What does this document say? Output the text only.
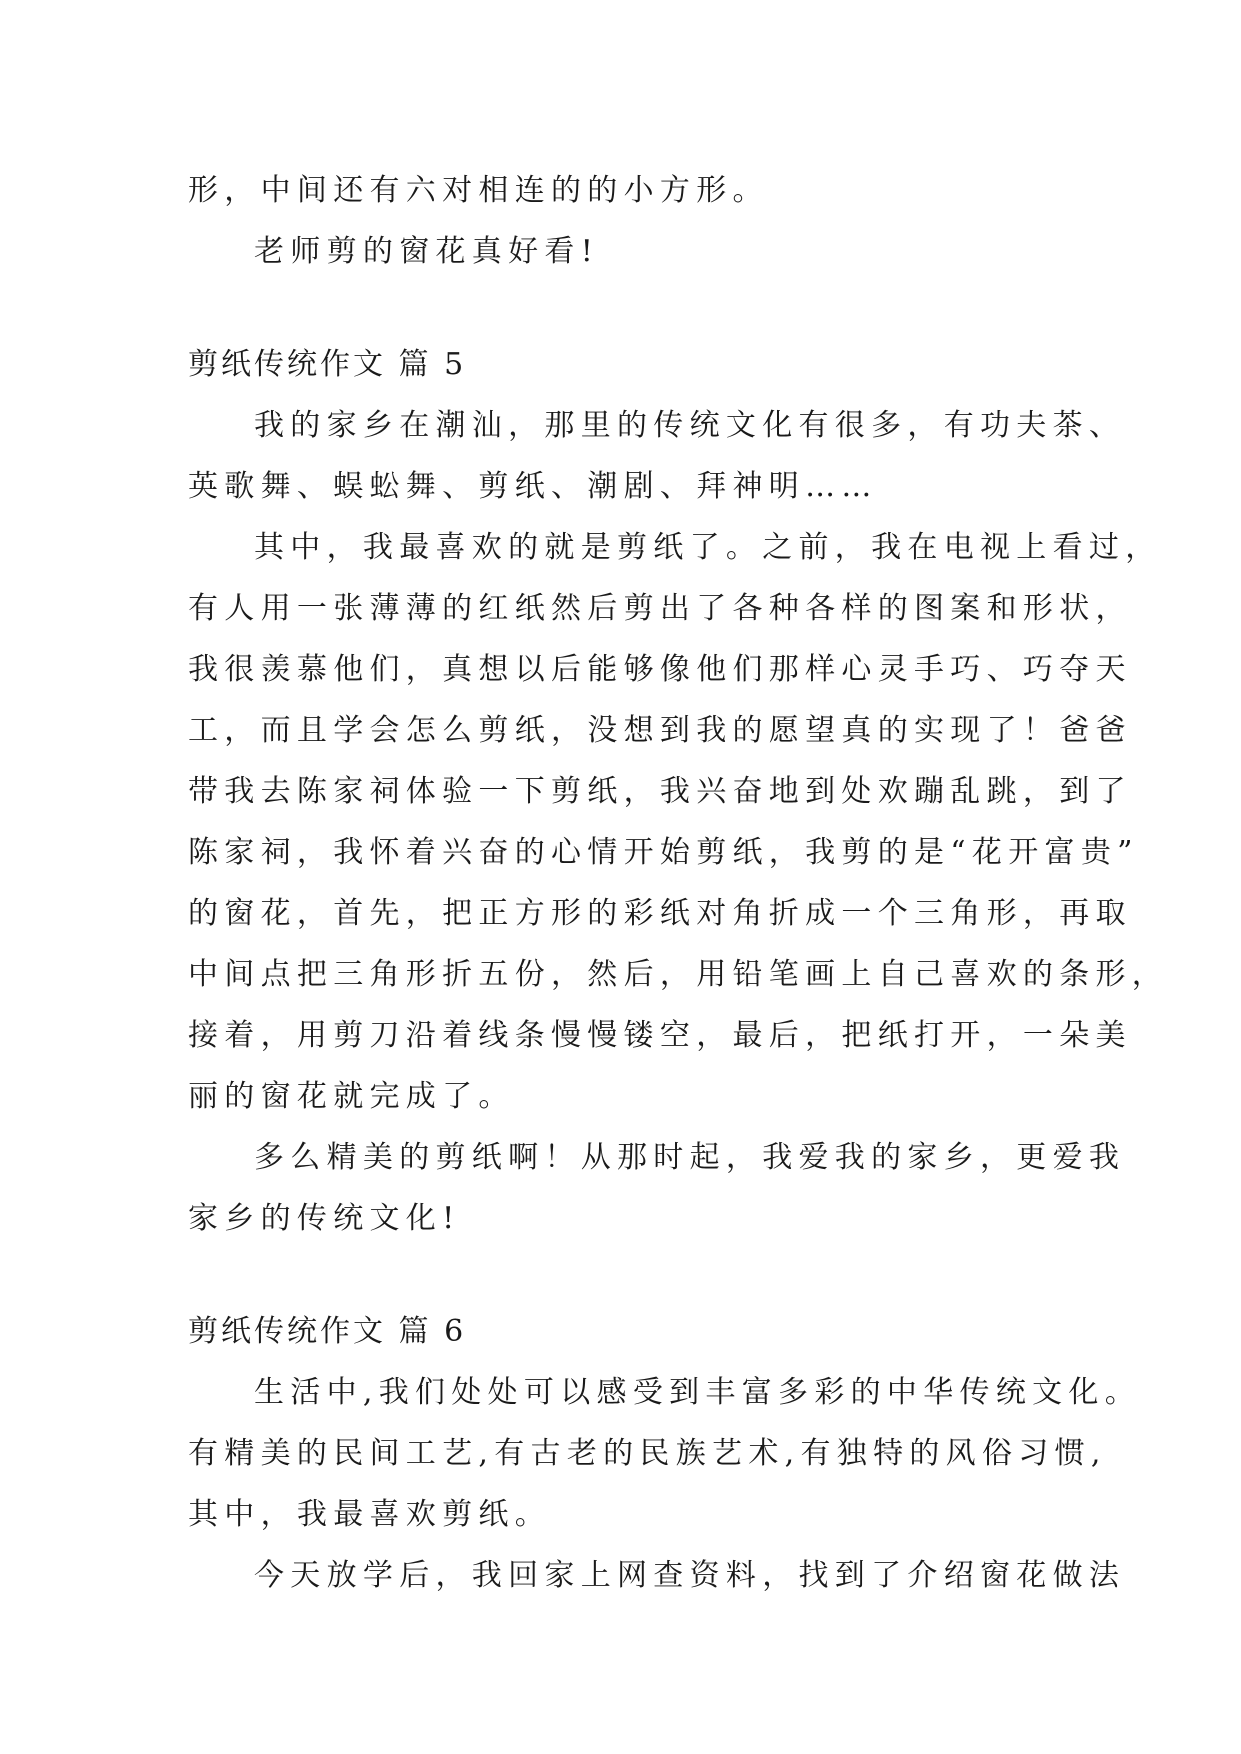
形，中间还有六对相连的的小方形。
老师剪的窗花真好看!
剪纸传统作文 篇 5
我的家乡在潮汕，那里的传统文化有很多，有功夫茶、
英歌舞、蜈蚣舞、剪纸、潮剧、拜神明……
其中，我最喜欢的就是剪纸了。之前，我在电视上看过，
有人用一张薄薄的红纸然后剪出了各种各样的图案和形状，
我很羡慕他们，真想以后能够像他们那样心灵手巧、巧夺天
工，而且学会怎么剪纸，没想到我的愿望真的实现了！爸爸
带我去陈家祠体验一下剪纸，我兴奋地到处欢蹦乱跳，到了
陈家祠，我怀着兴奋的心情开始剪纸，我剪的是“花开富贵”
的窗花，首先，把正方形的彩纸对角折成一个三角形，再取
中间点把三角形折五份，然后，用铅笔画上自己喜欢的条形，
接着，用剪刀沿着线条慢慢镂空，最后，把纸打开，一朵美
丽的窗花就完成了。
多么精美的剪纸啊！从那时起，我爱我的家乡，更爱我
家乡的传统文化!
剪纸传统作文 篇 6
生活中,我们处处可以感受到丰富多彩的中华传统文化。
有精美的民间工艺,有古老的民族艺术,有独特的风俗习惯,
其中，我最喜欢剪纸。
今天放学后，我回家上网查资料，找到了介绍窗花做法
